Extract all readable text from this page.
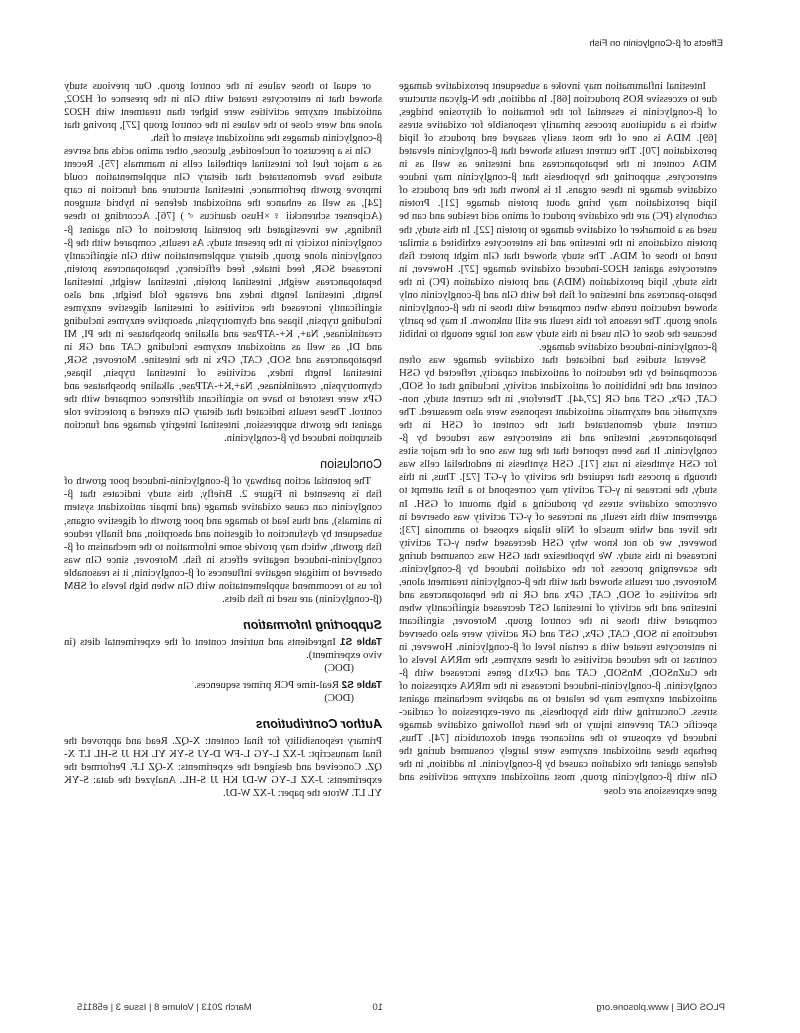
Effects of β-Conglycinin on Fish

Intestinal inflammation may invoke a subsequent peroxidative damage due to excessive ROS production [68]. In addition, the N-glycan structure of β-conglycinin is essential for the formation of dityrosine bridges, which is a ubiquitous process primarily responsible for oxidative stress [69]. MDA is one of the most easily assayed end products of lipid peroxidation [70]. The current results showed that β-conglycinin elevated MDA content in the hepatopancreas and intestine as well as in enterocytes, supporting the hypothesis that β-conglycinin may induce oxidative damage in these organs. It is known that the end products of lipid peroxidation may bring about protein damage [21]. Protein carbonyls (PC) are the oxidative product of amino acid residue and can be used as a biomarker of oxidative damage to protein [22]. In this study, the protein oxidations in the intestine and its enterocytes exhibited a similar trend to those of MDA. The study showed that Gln might protect fish enterocytes against H2O2-induced oxidative damage [27]. However, in this study, lipid peroxidation (MDA) and protein oxidation (PC) in the hepato-pancreas and intestine of fish fed with Gln and β-conglycinin only showed reduction trends when compared with those in the β-conglycinin alone group. The reasons for this result are still unknown. It may be partly because the dose of Gln used in this study was not large enough to inhibit β-conglycinin-induced oxidative damage.

Several studies had indicated that oxidative damage was often accompanied by the reduction of antioxidant capacity, reflected by GSH content and the inhibition of antioxidant activity, including that of SOD, CAT, GPx, GST and GR [27,44]. Therefore, in the current study, non-enzymatic and enzymatic antioxidant responses were also measured. The current study demonstrated that the content of GSH in the hepatopancreas, intestine and its enterocytes was reduced by β-conglycinin. It has been reported that the gut was one of the major sites for GSH synthesis in rats [71]. GSH synthesis in endothelial cells was through a process that required the activity of γ-GT [72]. Thus, in this study, the increase in γ-GT activity may correspond to a first attempt to overcome oxidative stress by producing a high amount of GSH. In agreement with this result, an increase of γ-GT activity was observed in the liver and white muscle of Nile tilapia exposed to ammonia [73]; however, we do not know why GSH decreased when γ-GT activity increased in this study. We hypothesize that GSH was consumed during the scavenging process for the oxidation induced by β-conglycinin. Moreover, our results showed that with the β-conglycinin treatment alone, the activities of SOD, CAT, GPx and GR in the hepatopancreas and intestine and the activity of intestinal GST decreased significantly when compared with those in the control group. Moreover, significant reductions in SOD, CAT, GPx, GST and GR activity were also observed in enterocytes treated with a certain level of β-conglycinin. However, in contrast to the reduced activities of these enzymes, the mRNA levels of the CuZnSOD, MnSOD, CAT and GPx1b genes increased with β-conglycinin. β-conglycinin-induced increases in the mRNA expression of antioxidant enzymes may be related to an adaptive mechanism against stress. Concurring with this hypothesis, an over-expression of cardiac-specific CAT prevents injury to the heart following oxidative damage induced by exposure to the anticancer agent doxorubicin [74]. Thus, perhaps these antioxidant enzymes were largely consumed during the defense against the oxidation caused by β-conglycinin. In addition, in the Gln with β-conglycinin group, most antioxidant enzyme activities and gene expressions are close

or equal to those values in the control group. Our previous study showed that in enterocytes treated with Gln in the presence of H2O2, antioxidant enzyme activities were higher than treatment with H2O2 alone and were close to the values in the control group [27], proving that β-conglycinin damages the antioxidant system of fish.

Gln is a precursor of nucleotides, glucose, other amino acids and serves as a major fuel for intestinal epithelial cells in mammals [75]. Recent studies have demonstrated that dietary Gln supplementation could improve growth performance, intestinal structure and function in carp [24], as well as enhance the antioxidant defense in hybrid sturgeon (Acipenser schrenckii ♀×Huso dauricus ♂) [76]. According to these findings, we investigated the potential protection of Gln against β-conglycinin toxicity in the present study. As results, compared with the β-conglycinin alone group, dietary supplementation with Gln significantly increased SGR, feed intake, feed efficiency, hepatopancreas protein, hepatopancreas weight, intestinal protein, intestinal weight, intestinal length, intestinal length index and average fold height, and also significantly increased the activities of intestinal digestive enzymes including trypsin, lipase and chymotrypsin, absorptive enzymes including creatinkinase, Na+, K+-ATPase and alkaline phosphatase in the PI, MI and DI, as well as antioxidant enzymes including CAT and GR in hepatopancreas and SOD, CAT, GPx in the intestine. Moreover, SGR, intestinal length index, activities of intestinal trypsin, lipase, chymotrypsin, creatinkinase, Na+,K+-ATPase, alkaline phosphatase and GPx were restored to have no significant difference compared with the control. These results indicated that dietary Gln exerted a protective role against the growth suppression, intestinal integrity damage and function disruption induced by β-conglycinin.

Conclusion

The potential action pathway of β-conglycinin-induced poor growth of fish is presented in Figure 2. Briefly, this study indicates that β-conglycinin can cause oxidative damage (and impair antioxidant system in animals), and thus lead to damage and poor growth of digestive organs, subsequent by dysfunction of digestion and absorption, and finally reduce fish growth, which may provide some information to the mechanism of β-conglycinin-induced negative effects in fish. Moreover, since Gln was observed to mitigate negative influences of β-conglycinin, it is reasonable for us to recommend supplementation with Gln when high levels of SBM (β-conglycinin) are used in fish diets.

Supporting Information
Table S1 Ingredients and nutrient content of the experimental diets (in vivo experiment).
(DOC)
Table S2 Real-time PCR primer sequences.
(DOC)
Author Contributions

Primary responsibility for final content: X-QZ. Read and approved the final manuscript: J-XZ L-YG L-FW D-YJ S-YK YL KH JJ S-HL LT X-QZ. Conceived and designed the experiments: X-QZ LF. Performed the experiments: J-XZ L-YG W-DJ KH JJ S-HL. Analyzed the data: S-YK YL LT. Wrote the paper: J-XZ W-DJ.

PLOS ONE | www.plosone.org
10
March 2013 | Volume 8 | Issue 3 | e58115
